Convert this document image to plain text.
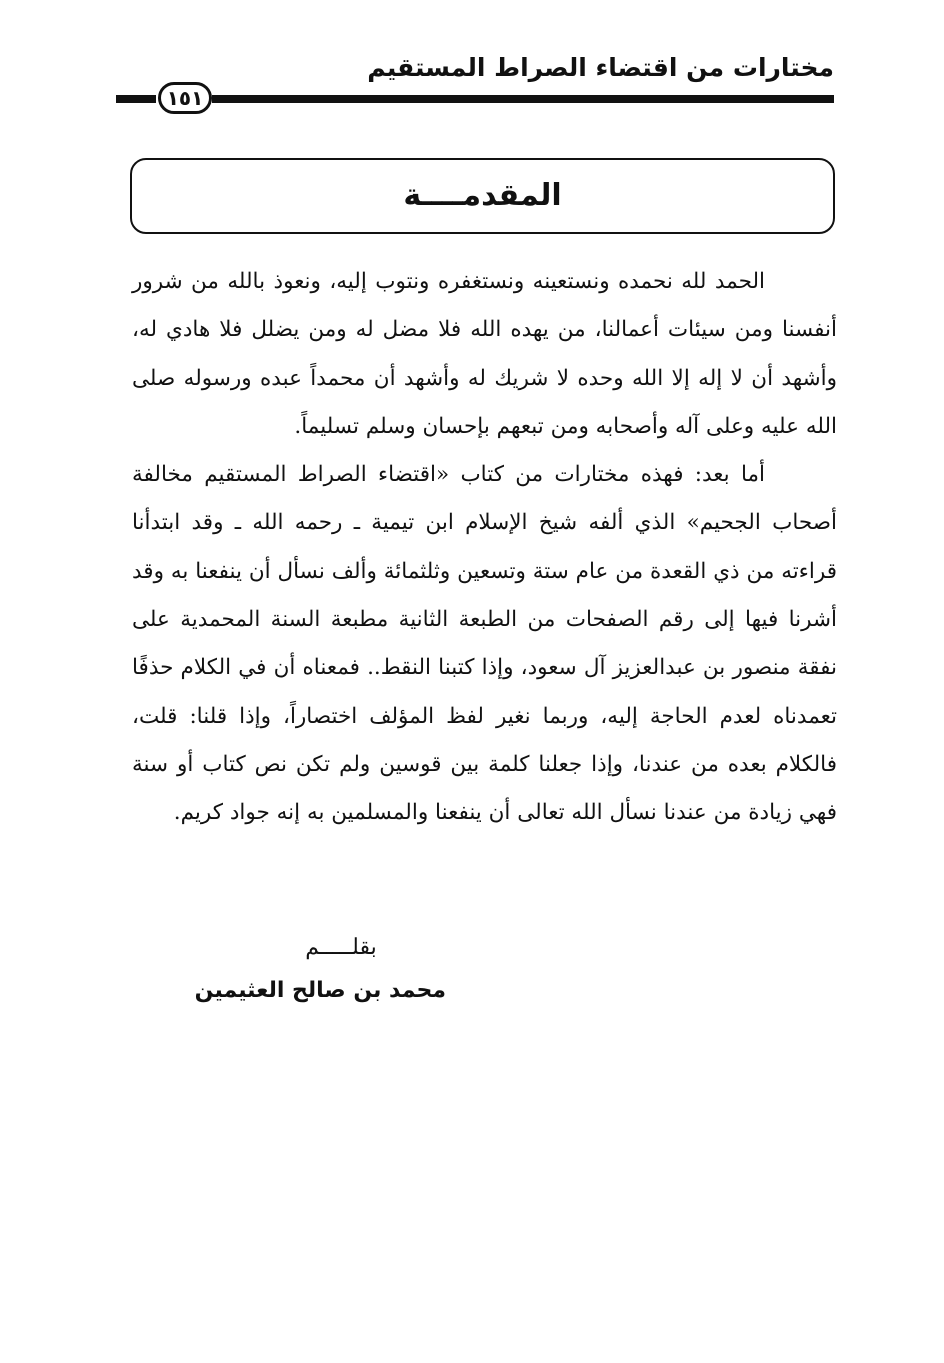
مختارات من اقتضاء الصراط المستقيم
١٥١
المقدمــــة

الحمد لله نحمده ونستعينه ونستغفره ونتوب إليه، ونعوذ بالله من شرور أنفسنا ومن سيئات أعمالنا، من يهده الله فلا مضل له ومن يضلل فلا هادي له، وأشهد أن لا إله إلا الله وحده لا شريك له وأشهد أن محمداً عبده ورسوله صلى الله عليه وعلى آله وأصحابه ومن تبعهم بإحسان وسلم تسليماً.

أما بعد: فهذه مختارات من كتاب «اقتضاء الصراط المستقيم مخالفة أصحاب الجحيم» الذي ألفه شيخ الإسلام ابن تيمية ـ رحمه الله ـ وقد ابتدأنا قراءته من ذي القعدة من عام ستة وتسعين وثلثمائة وألف نسأل أن ينفعنا به وقد أشرنا فيها إلى رقم الصفحات من الطبعة الثانية مطبعة السنة المحمدية على نفقة منصور بن عبدالعزيز آل سعود، وإذا كتبنا النقط.. فمعناه أن في الكلام حذفًا تعمدناه لعدم الحاجة إليه، وربما نغير لفظ المؤلف اختصاراً، وإذا قلنا: قلت، فالكلام بعده من عندنا، وإذا جعلنا كلمة بين قوسين ولم تكن نص كتاب أو سنة فهي زيادة من عندنا نسأل الله تعالى أن ينفعنا والمسلمين به إنه جواد كريم.

بقلـــــم
محمد بن صالح العثيمين
